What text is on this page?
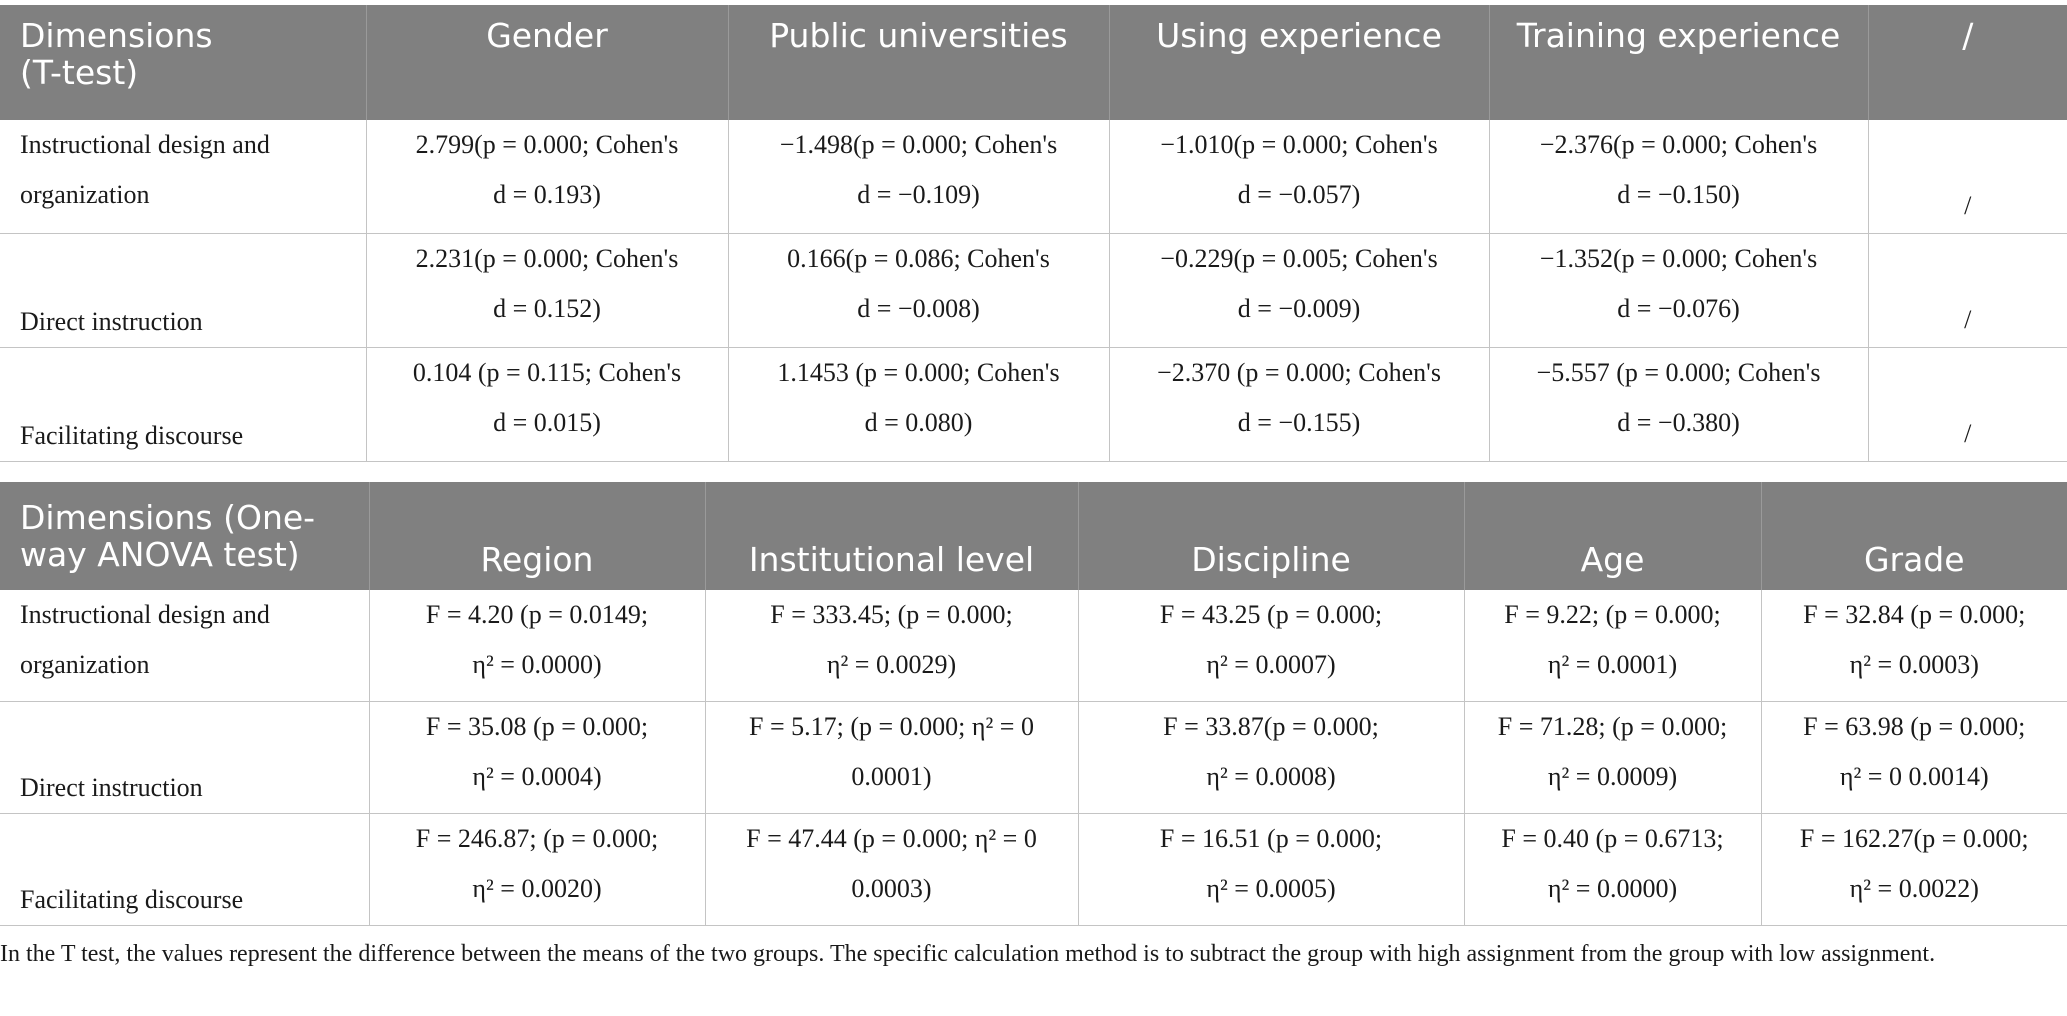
Dimensions
(T-test)	Gender	Public universities	Using experience	Training experience	/

Instructional design and
organization	2.799(p = 0.000; Cohen's
d = 0.193)	−1.498(p = 0.000; Cohen's
d = −0.109)	−1.010(p = 0.000; Cohen's
d = −0.057)	−2.376(p = 0.000; Cohen's
d = −0.150)	/

Direct instruction	2.231(p = 0.000; Cohen's
d = 0.152)	0.166(p = 0.086; Cohen's
d = −0.008)	−0.229(p = 0.005; Cohen's
d = −0.009)	−1.352(p = 0.000; Cohen's
d = −0.076)	/

Facilitating discourse	0.104 (p = 0.115; Cohen's
d = 0.015)	1.1453 (p = 0.000; Cohen's
d = 0.080)	−2.370 (p = 0.000; Cohen's
d = −0.155)	−5.557 (p = 0.000; Cohen's
d = −0.380)	/
Dimensions (One-
way ANOVA test)	Region	Institutional level	Discipline	Age	Grade

Instructional design and
organization	F = 4.20 (p = 0.0149;
η² = 0.0000)	F = 333.45; (p = 0.000;
η² = 0.0029)	F = 43.25 (p = 0.000;
η² = 0.0007)	F = 9.22; (p = 0.000;
η² = 0.0001)	F = 32.84 (p = 0.000;
η² = 0.0003)

Direct instruction	F = 35.08 (p = 0.000;
η² = 0.0004)	F = 5.17; (p = 0.000; η² = 0
0.0001)	F = 33.87(p = 0.000;
η² = 0.0008)	F = 71.28; (p = 0.000;
η² = 0.0009)	F = 63.98 (p = 0.000;
η² = 0 0.0014)

Facilitating discourse	F = 246.87; (p = 0.000;
η² = 0.0020)	F = 47.44 (p = 0.000; η² = 0
0.0003)	F = 16.51 (p = 0.000;
η² = 0.0005)	F = 0.40 (p = 0.6713;
η² = 0.0000)	F = 162.27(p = 0.000;
η² = 0.0022)
In the T test, the values represent the difference between the means of the two groups. The specific calculation method is to subtract the group with high assignment from the group with low assignment.
